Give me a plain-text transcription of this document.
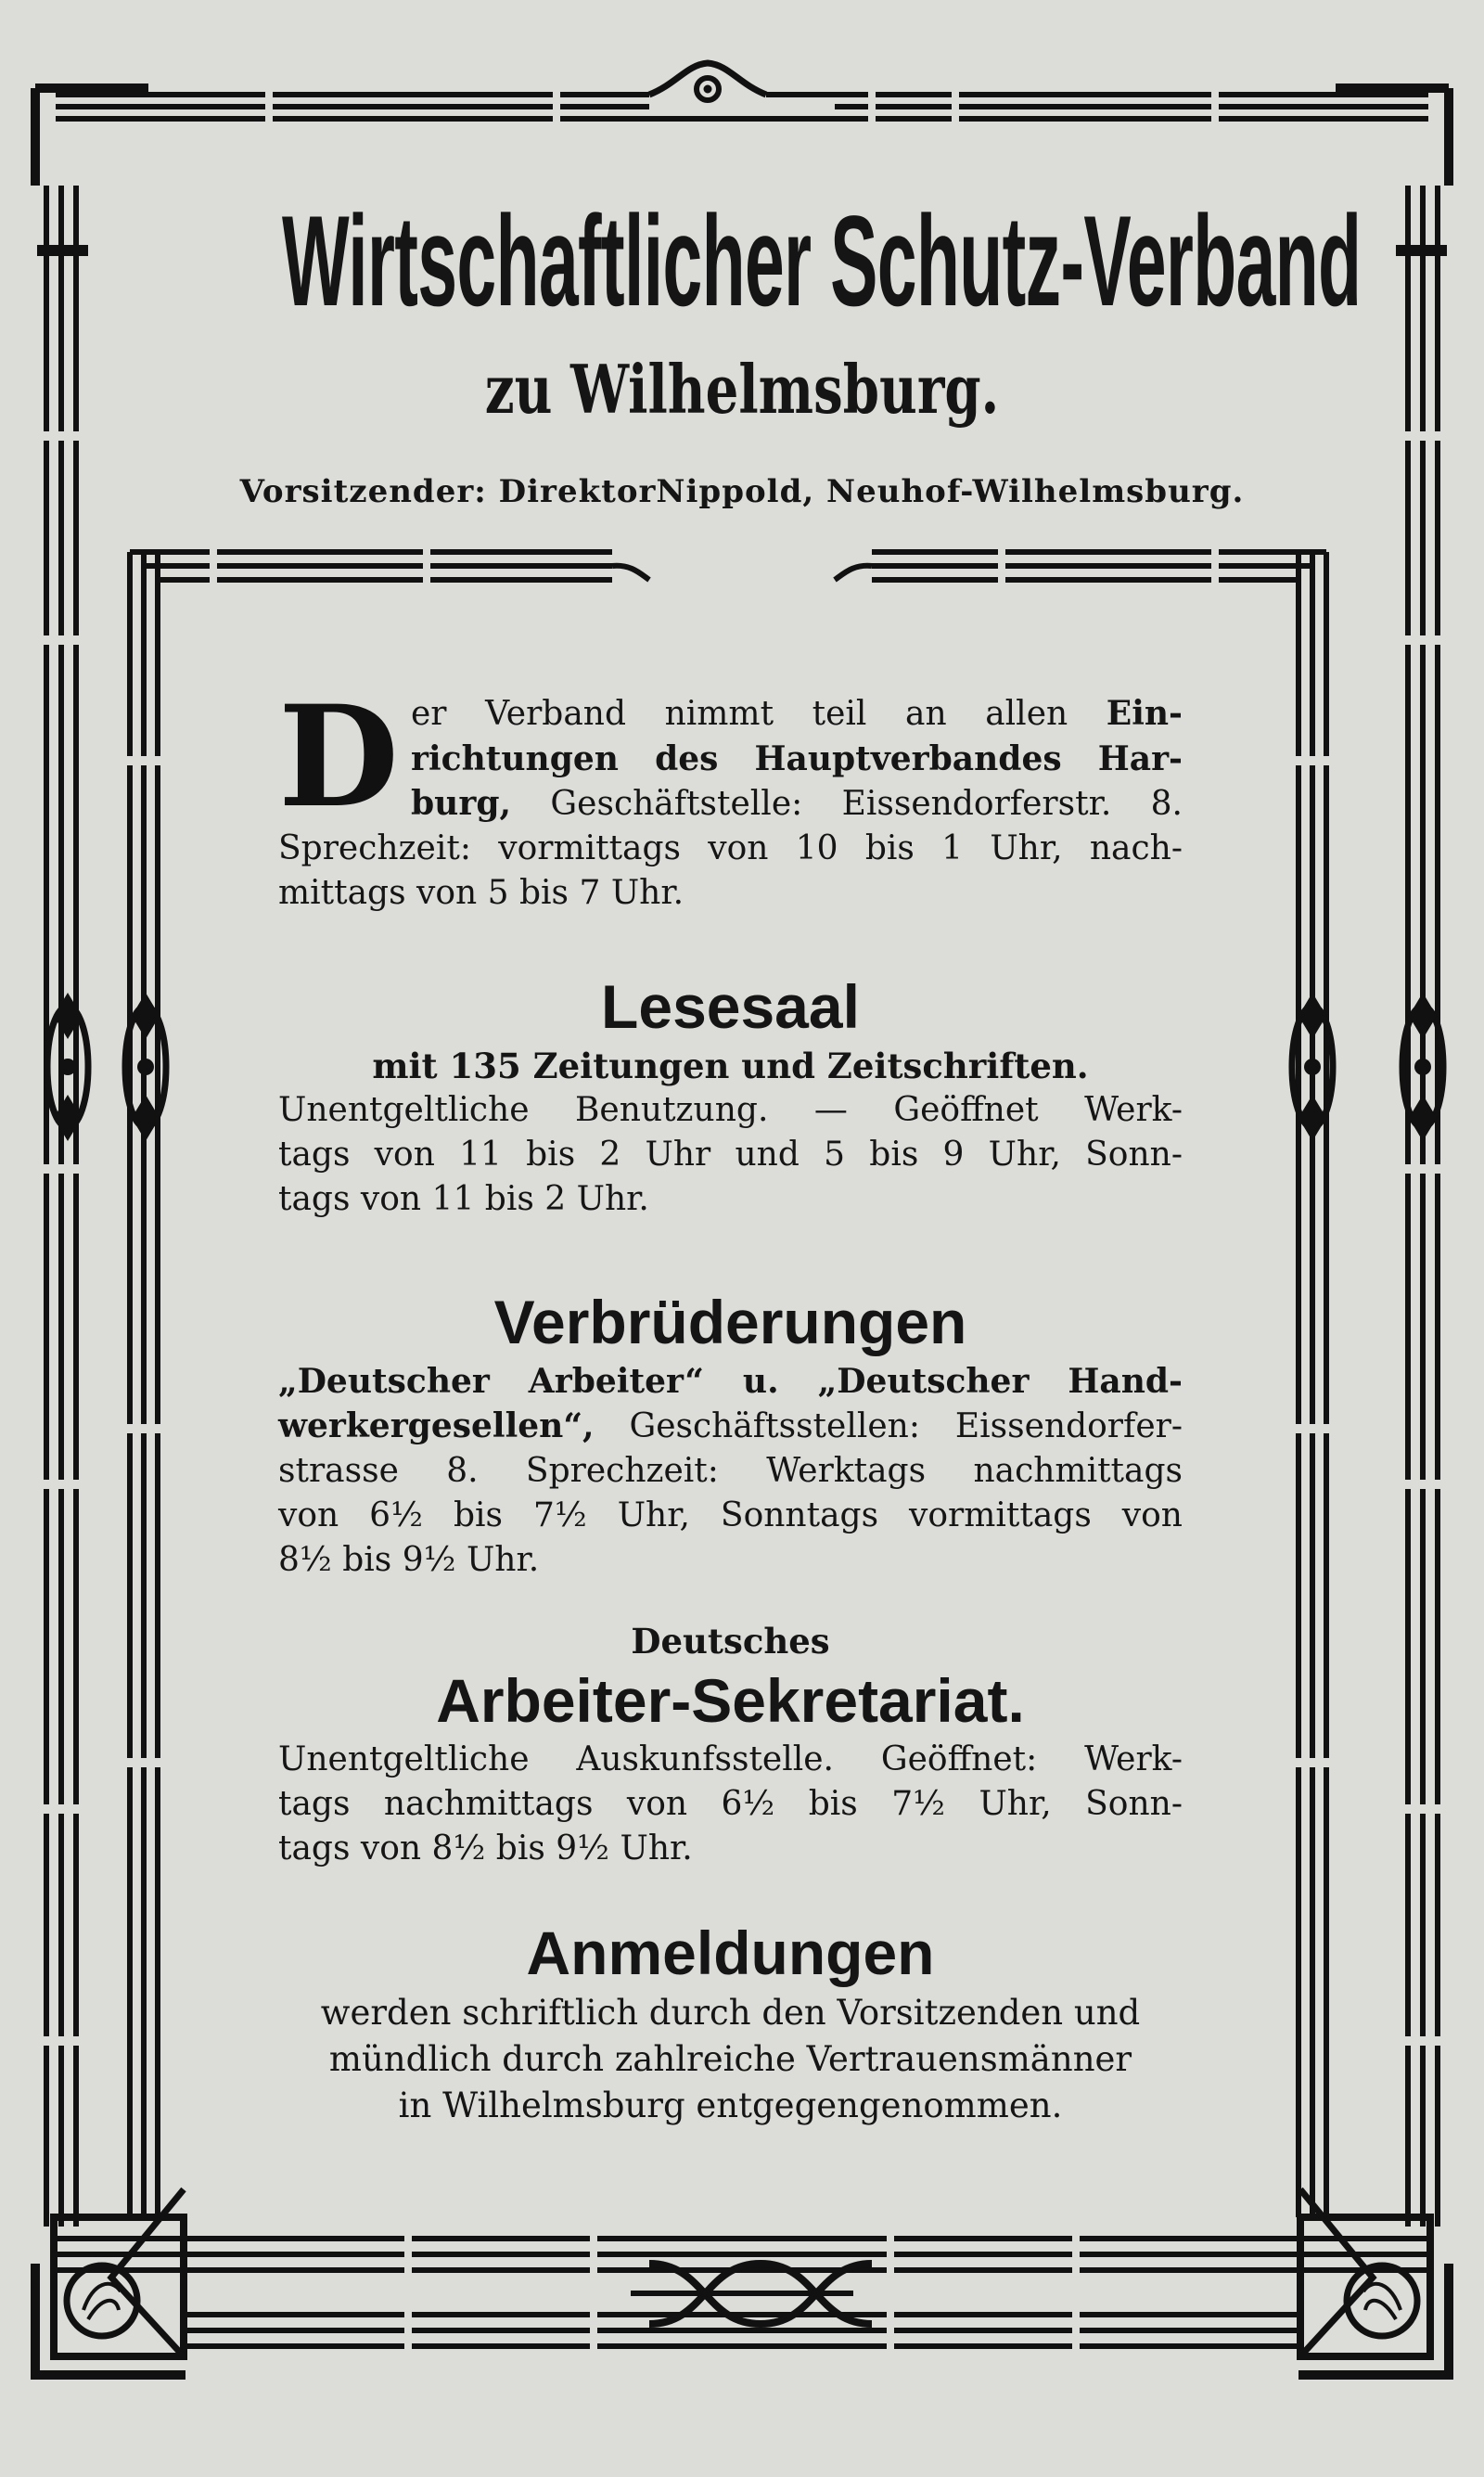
Wirtschaftlicher Schutz-Verband
zu Wilhelmsburg.
Vorsitzender: DirektorNippold, Neuhof-Wilhelmsburg.
D er Verband nimmt teil an allen Ein-

richtungen des Hauptverbandes Har-

burg, Geschäftstelle: Eissendorferstr. 8.

Sprechzeit: vormittags von 10 bis 1 Uhr, nach-

mittags von 5 bis 7 Uhr.

Lesesaal

mit 135 Zeitungen und Zeitschriften.

Unentgeltliche Benutzung. — Geöffnet Werk-

tags von 11 bis 2 Uhr und 5 bis 9 Uhr, Sonn-

tags von 11 bis 2 Uhr.

Verbrüderungen

„Deutscher Arbeiter“ u. „Deutscher Hand-

werkergesellen“, Geschäftsstellen: Eissendorfer-

strasse 8. Sprechzeit: Werktags nachmittags

von 6½ bis 7½ Uhr, Sonntags vormittags von

8½ bis 9½ Uhr.

Deutsches

Arbeiter-Sekretariat.

Unentgeltliche Auskunfsstelle. Geöffnet: Werk-

tags nachmittags von 6½ bis 7½ Uhr, Sonn-

tags von 8½ bis 9½ Uhr.

Anmeldungen

werden schriftlich durch den Vorsitzenden und

mündlich durch zahlreiche Vertrauensmänner

in Wilhelmsburg entgegengenommen.
